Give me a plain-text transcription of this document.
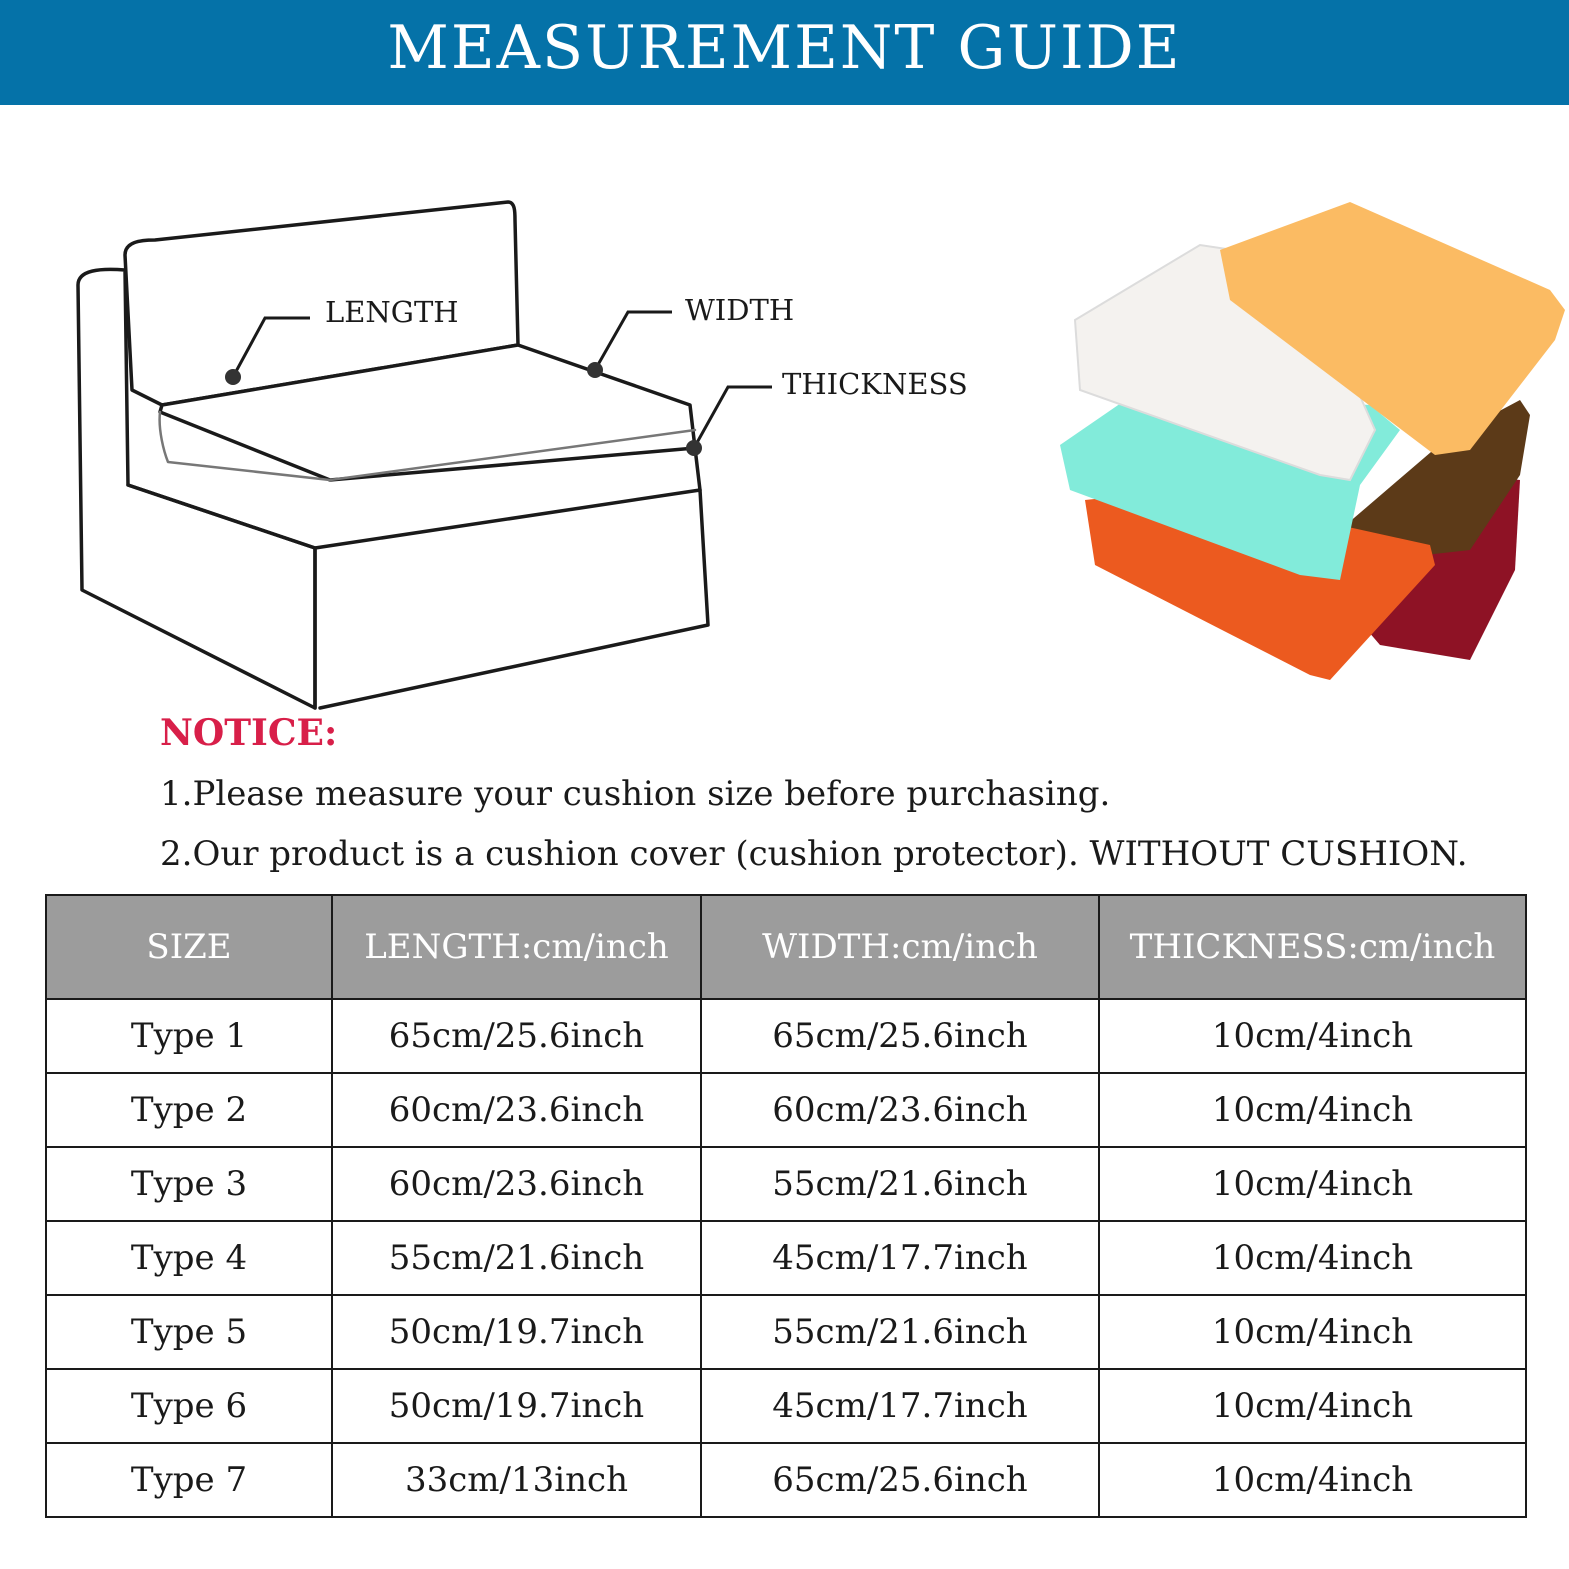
MEASUREMENT GUIDE
LENGTH	WIDTH
THICKNESS

NOTICE:

1.Please measure your cushion size before purchasing.

2.Our product is a cushion cover (cushion protector). WITHOUT CUSHION.

SIZE	LENGTH:cm/inch	WIDTH:cm/inch	THICKNESS:cm/inch
Type 1	65cm/25.6inch	65cm/25.6inch	10cm/4inch
Type 2	60cm/23.6inch	60cm/23.6inch	10cm/4inch
Type 3	60cm/23.6inch	55cm/21.6inch	10cm/4inch
Type 4	55cm/21.6inch	45cm/17.7inch	10cm/4inch
Type 5	50cm/19.7inch	55cm/21.6inch	10cm/4inch
Type 6	50cm/19.7inch	45cm/17.7inch	10cm/4inch
Type 7	33cm/13inch	65cm/25.6inch	10cm/4inch
